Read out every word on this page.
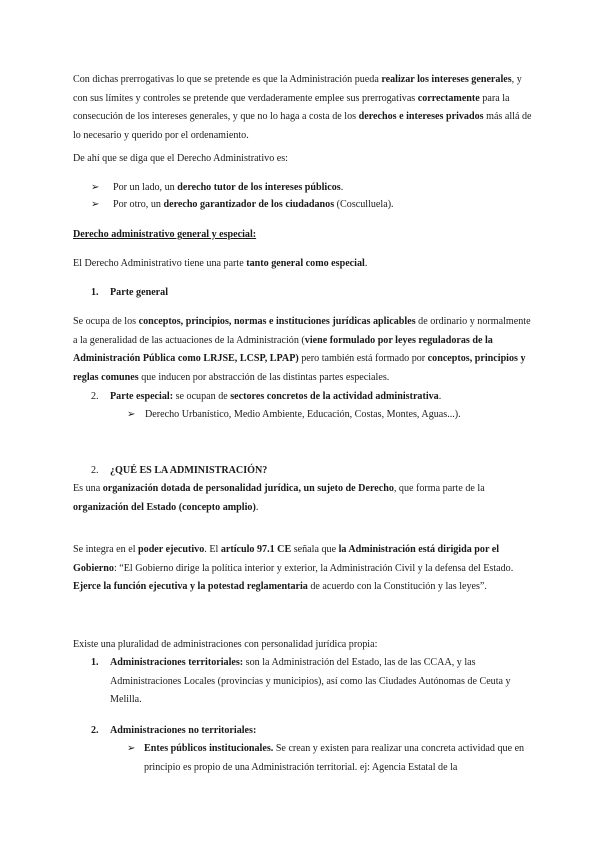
Con dichas prerrogativas lo que se pretende es que la Administración pueda realizar los intereses generales, y con sus límites y controles se pretende que verdaderamente emplee sus prerrogativas correctamente para la consecución de los intereses generales, y que no lo haga a costa de los derechos e intereses privados más allá de lo necesario y querido por el ordenamiento.

De ahí que se diga que el Derecho Administrativo es:

➢ Por un lado, un derecho tutor de los intereses públicos.
➢ Por otro, un derecho garantizador de los ciudadanos (Cosculluela).

Derecho administrativo general y especial:

El Derecho Administrativo tiene una parte tanto general como especial.

1. Parte general

Se ocupa de los conceptos, principios, normas e instituciones jurídicas aplicables de ordinario y normalmente a la generalidad de las actuaciones de la Administración (viene formulado por leyes reguladoras de la Administración Pública como LRJSE, LCSP, LPAP) pero también está formado por conceptos, principios y reglas comunes que inducen por abstracción de las distintas partes especiales.

2. Parte especial: se ocupan de sectores concretos de la actividad administrativa.
➢ Derecho Urbanístico, Medio Ambiente, Educación, Costas, Montes, Aguas...).
2. ¿QUÉ ES LA ADMINISTRACIÓN?

Es una organización dotada de personalidad jurídica, un sujeto de Derecho, que forma parte de la organización del Estado (concepto amplio).

Se integra en el poder ejecutivo. El artículo 97.1 CE señala que la Administración está dirigida por el Gobierno: “El Gobierno dirige la política interior y exterior, la Administración Civil y la defensa del Estado. Ejerce la función ejecutiva y la potestad reglamentaria de acuerdo con la Constitución y las leyes”.

Existe una pluralidad de administraciones con personalidad jurídica propia:

1. Administraciones territoriales: son la Administración del Estado, las de las CCAA, y las Administraciones Locales (provincias y municipios), así como las Ciudades Autónomas de Ceuta y Melilla.
2. Administraciones no territoriales:
➢ Entes públicos institucionales. Se crean y existen para realizar una concreta actividad que en principio es propio de una Administración territorial. ej: Agencia Estatal de la
